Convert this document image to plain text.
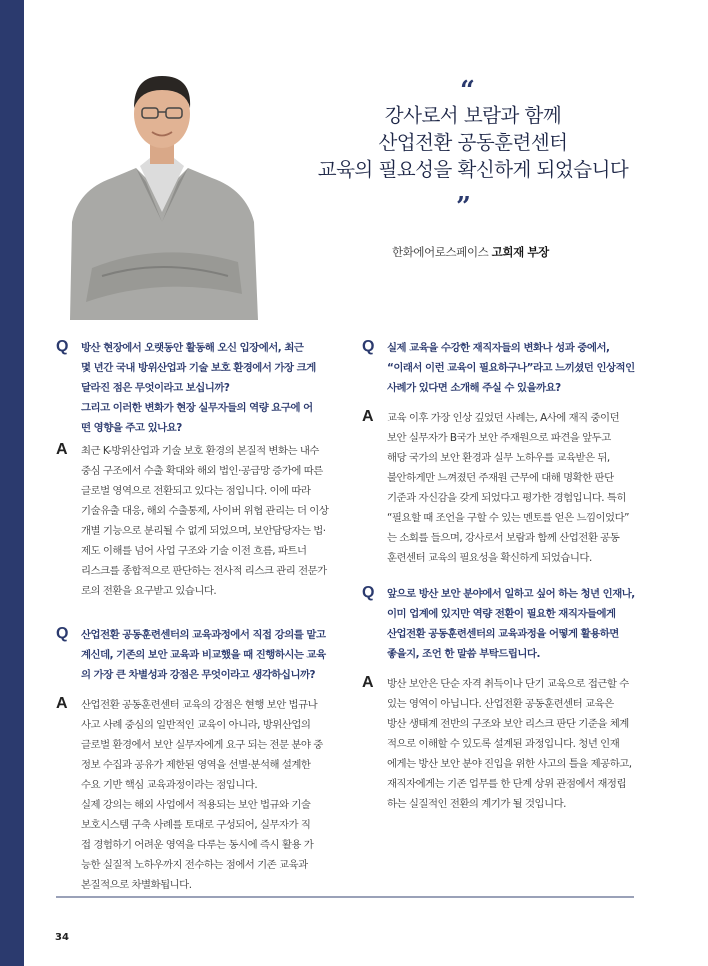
“
강사로서 보람과 함께
산업전환 공동훈련센터
교육의 필요성을 확신하게 되었습니다
”
한화에어로스페이스 고희재 부장
Q 방산 현장에서 오랫동안 활동해 오신 입장에서, 최근
몇 년간 국내 방위산업과 기술 보호 환경에서 가장 크게
달라진 점은 무엇이라고 보십니까?
그리고 이러한 변화가 현장 실무자들의 역량 요구에 어
떤 영향을 주고 있나요?
A 최근 K-방위산업과 기술 보호 환경의 본질적 변화는 내수
중심 구조에서 수출 확대와 해외 법인·공급망 증가에 따른
글로벌 영역으로 전환되고 있다는 점입니다. 이에 따라
기술유출 대응, 해외 수출통제, 사이버 위협 관리는 더 이상
개별 기능으로 분리될 수 없게 되었으며, 보안담당자는 법·
제도 이해를 넘어 사업 구조와 기술 이전 흐름, 파트너
리스크를 종합적으로 판단하는 전사적 리스크 관리 전문가
로의 전환을 요구받고 있습니다.
Q 산업전환 공동훈련센터의 교육과정에서 직접 강의를 맡고
계신데, 기존의 보안 교육과 비교했을 때 진행하시는 교육
의 가장 큰 차별성과 강점은 무엇이라고 생각하십니까?
A 산업전환 공동훈련센터 교육의 강점은 현행 보안 법규나
사고 사례 중심의 일반적인 교육이 아니라, 방위산업의
글로벌 환경에서 보안 실무자에게 요구 되는 전문 분야 중
정보 수집과 공유가 제한된 영역을 선별·분석해 설계한
수요 기반 핵심 교육과정이라는 점입니다.
실제 강의는 해외 사업에서 적용되는 보안 법규와 기술
보호시스템 구축 사례를 토대로 구성되어, 실무자가 직
접 경험하기 어려운 영역을 다루는 동시에 즉시 활용 가
능한 실질적 노하우까지 전수하는 점에서 기존 교육과
본질적으로 차별화됩니다.
Q 실제 교육을 수강한 재직자들의 변화나 성과 중에서,
“이래서 이런 교육이 필요하구나”라고 느끼셨던 인상적인
사례가 있다면 소개해 주실 수 있을까요?
A 교육 이후 가장 인상 깊었던 사례는, A사에 재직 중이던
보안 실무자가 B국가 보안 주재원으로 파견을 앞두고
해당 국가의 보안 환경과 실무 노하우를 교육받은 뒤,
불안하게만 느껴졌던 주재원 근무에 대해 명확한 판단
기준과 자신감을 갖게 되었다고 평가한 경험입니다. 특히
“필요할 때 조언을 구할 수 있는 멘토를 얻은 느낌이었다”
는 소회를 들으며, 강사로서 보람과 함께 산업전환 공동
훈련센터 교육의 필요성을 확신하게 되었습니다.
Q 앞으로 방산 보안 분야에서 일하고 싶어 하는 청년 인재나,
이미 업계에 있지만 역량 전환이 필요한 재직자들에게
산업전환 공동훈련센터의 교육과정을 어떻게 활용하면
좋을지, 조언 한 말씀 부탁드립니다.
A 방산 보안은 단순 자격 취득이나 단기 교육으로 접근할 수
있는 영역이 아닙니다. 산업전환 공동훈련센터 교육은
방산 생태계 전반의 구조와 보안 리스크 판단 기준을 체계
적으로 이해할 수 있도록 설계된 과정입니다. 청년 인재
에게는 방산 보안 분야 진입을 위한 사고의 틀을 제공하고,
재직자에게는 기존 업무를 한 단계 상위 관점에서 재정립
하는 실질적인 전환의 계기가 될 것입니다.
34
